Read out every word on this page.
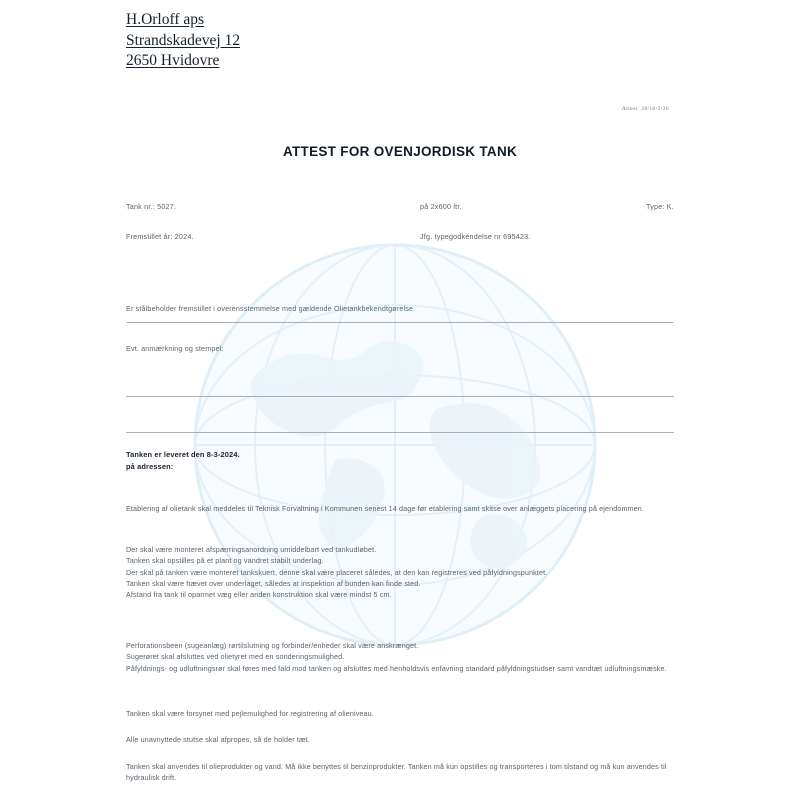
H.Orloff aps
Strandskadevej 12
2650 Hvidovre
Attest: 28/10/1/26
ATTEST FOR OVENJORDISK TANK
Tank nr.: 5027.	på 2x600 ltr.	Type: K.
Fremstillet år: 2024.	Jfg. typegodkendelse nr 695423.
Er stålbeholder fremstillet i overensstemmelse med gældende Olietankbekendtgørelse.
Evt. anmærkning og stempel:
Tanken er leveret den 8-3-2024.
på adressen:

Etablering af olietank skal meddeles til Teknisk Forvaltning i Kommunen senest 14 dage før etablering samt skitse over anlæggets placering på ejendommen.

Der skal være monteret afspærringsanordning umiddelbart ved tankudløbet.
Tanken skal opstilles på et plant og vandret stabilt underlag.
Der skal på tanken være monteret tankskuert, denne skal være placeret således, at den kan registreres ved påfyldningspunktet.
Tanken skal være hævet over underlaget, således at inspektion af bunden kan finde sted.
Afstand fra tank til oparmet væg eller anden konstruktion skal være mindst 5 cm.

Perforationsbeen (sugeanlæg) rørtilslutning og forbinder/enheder skal være anskrænget.
Sugerøret skal afsluttes ved olietyret med en sonderingsmulighed.
Påfyldnings- og udluftningsrør skal føres med fald mod tanken og afsluttes med henholdsvis enfavning standard påfyldningstudser samt vandtæt udluftningsmæske.

Tanken skal være forsynet med pejlemulighed for registrering af olieniveau.

Alle unavnyttede stutse skal afpropes, så de holder tæt.

Tanken skal anvendes til olieprodukter og vand. Må ikke benyttes til benzinprodukter. Tanken må kun opstilles og transporteres i tom tilstand og må kun anvendes til hydraulisk drift.
